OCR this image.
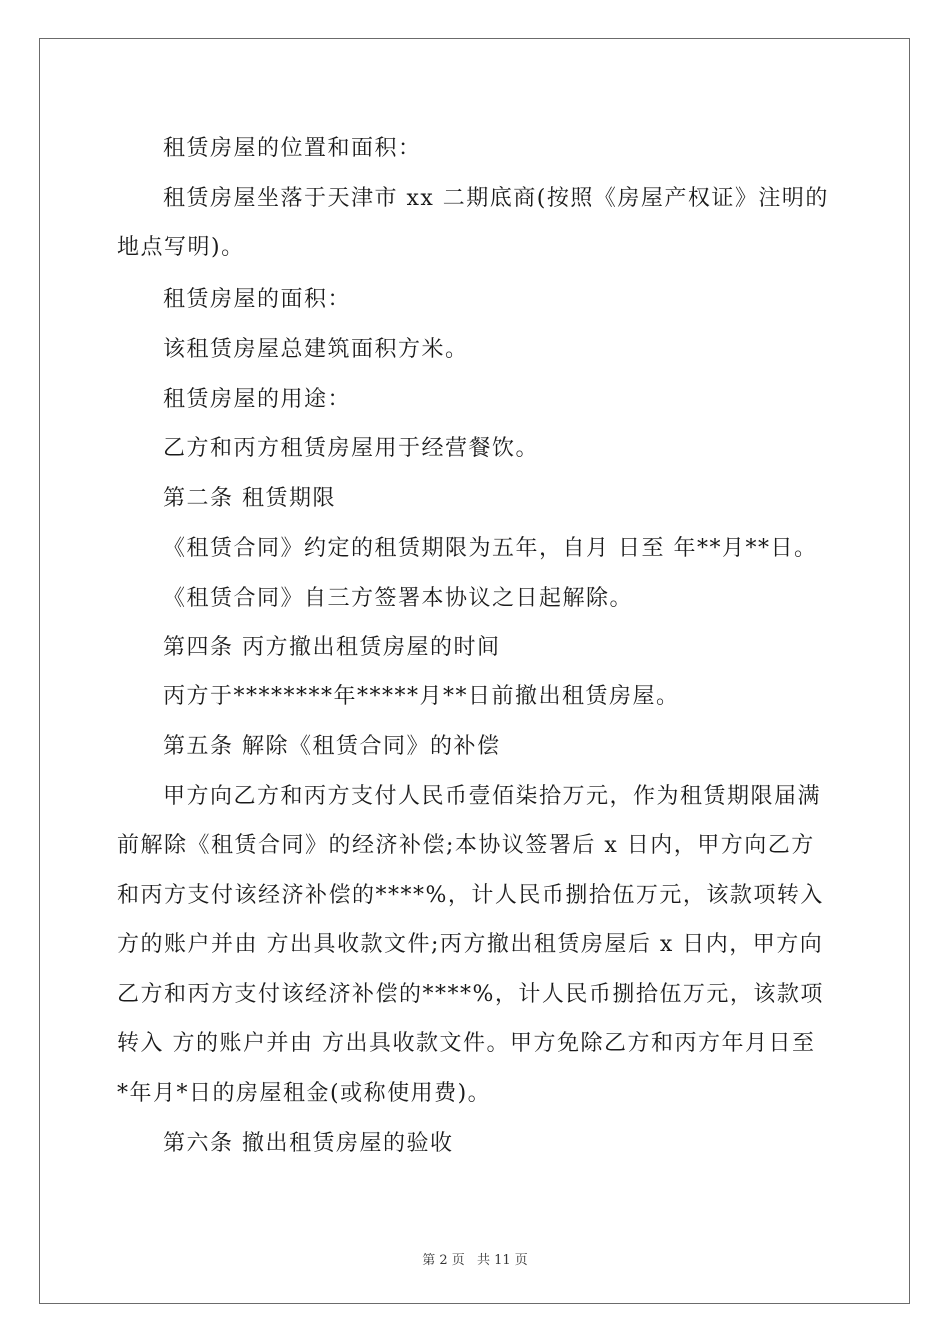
租赁房屋的位置和面积：

租赁房屋坐落于天津市 xx 二期底商(按照《房屋产权证》注明的

地点写明)。

租赁房屋的面积：

该租赁房屋总建筑面积方米。

租赁房屋的用途：

乙方和丙方租赁房屋用于经营餐饮。

第二条 租赁期限

《租赁合同》约定的租赁期限为五年，自月 日至 年**月**日。

《租赁合同》自三方签署本协议之日起解除。

第四条 丙方撤出租赁房屋的时间

丙方于********年*****月**日前撤出租赁房屋。

第五条 解除《租赁合同》的补偿

甲方向乙方和丙方支付人民币壹佰柒拾万元，作为租赁期限届满

前解除《租赁合同》的经济补偿;本协议签署后 x 日内，甲方向乙方

和丙方支付该经济补偿的****%，计人民币捌拾伍万元，该款项转入

方的账户并由 方出具收款文件;丙方撤出租赁房屋后 x 日内，甲方向

乙方和丙方支付该经济补偿的****%，计人民币捌拾伍万元，该款项

转入 方的账户并由 方出具收款文件。甲方免除乙方和丙方年月日至

*年月*日的房屋租金(或称使用费)。

第六条 撤出租赁房屋的验收

第 2 页 共 11 页
